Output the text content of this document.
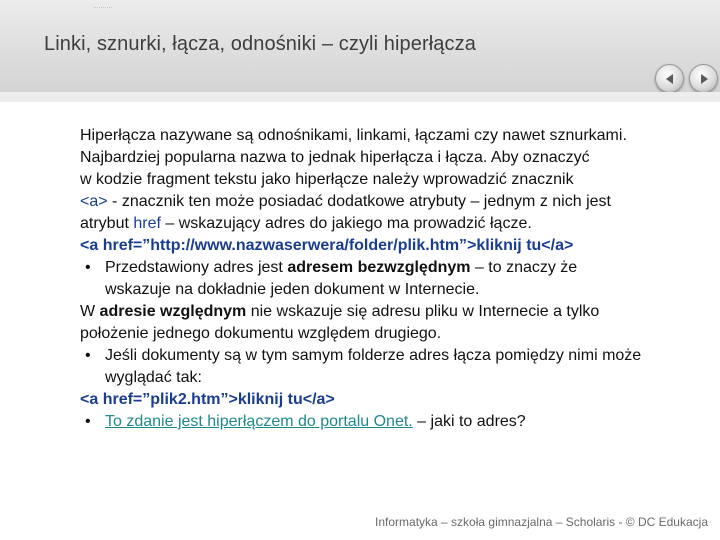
Linki, sznurki, łącza, odnośniki – czyli hiperłącza
Hiperłącza nazywane są odnośnikami, linkami, łączami czy nawet sznurkami.
Najbardziej popularna nazwa to jednak hiperłącza i łącza. Aby oznaczyć
w kodzie fragment tekstu jako hiperłącze należy wprowadzić znacznik
<a> - znacznik ten może posiadać dodatkowe atrybuty – jednym z nich jest
atrybut href – wskazujący adres do jakiego ma prowadzić łącze.
<a href=”http://www.nazwaserwera/folder/plik.htm”>kliknij tu</a>
• Przedstawiony adres jest adresem bezwzględnym – to znaczy że
wskazuje na dokładnie jeden dokument w Internecie.
W adresie względnym nie wskazuje się adresu pliku w Internecie a tylko
położenie jednego dokumentu względem drugiego.
• Jeśli dokumenty są w tym samym folderze adres łącza pomiędzy nimi może
wyglądać tak:
<a href=”plik2.htm”>kliknij tu</a>
• To zdanie jest hiperłączem do portalu Onet. – jaki to adres?
Informatyka – szkoła gimnazjalna – Scholaris - © DC Edukacja
